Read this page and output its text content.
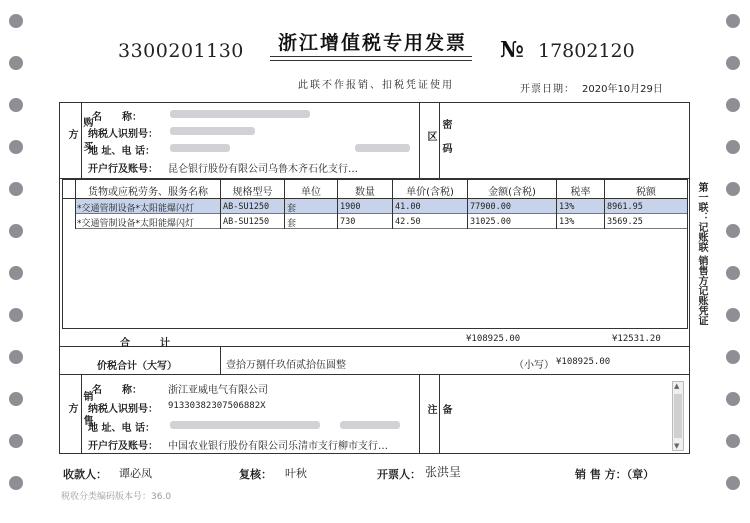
3300201130 浙江增值税专用发票 № 17802120
此联不作报销、扣税凭证使用	开票日期： 2020年10月29日
购买方
名　　称：
纳税人识别号：
地 址、电 话：
开户行及账号： 昆仑银行股份有限公司乌鲁木齐石化支行…
密码区
货物或应税劳务、服务名称	规格型号	单位	数量	单价(含税)	金额(含税)	税率	税额
*交通管制设备*太阳能爆闪灯	AB-SU1250 套	1900	41.00	77900.00	13%	8961.95
*交通管制设备*太阳能爆闪灯	AB-SU1250 套	730	42.50	31025.00	13%	3569.25
合　　　计	¥108925.00	¥12531.20
价税合计（大写）	壹拾万捌仟玖佰贰拾伍圆整	（小写） ¥108925.00
销售方
名　　称：	浙江亚威电气有限公司
纳税人识别号： 91330382307506882X
地 址、电 话：
开户行及账号： 中国农业银行股份有限公司乐清市支行柳市支行…
备注
▲
▼
第一联：记账联 销售方记账凭证
收款人： 谭必凤	复核： 叶秋	开票人： 张洪呈	销 售 方：（章）
税收分类编码版本号：36.0
